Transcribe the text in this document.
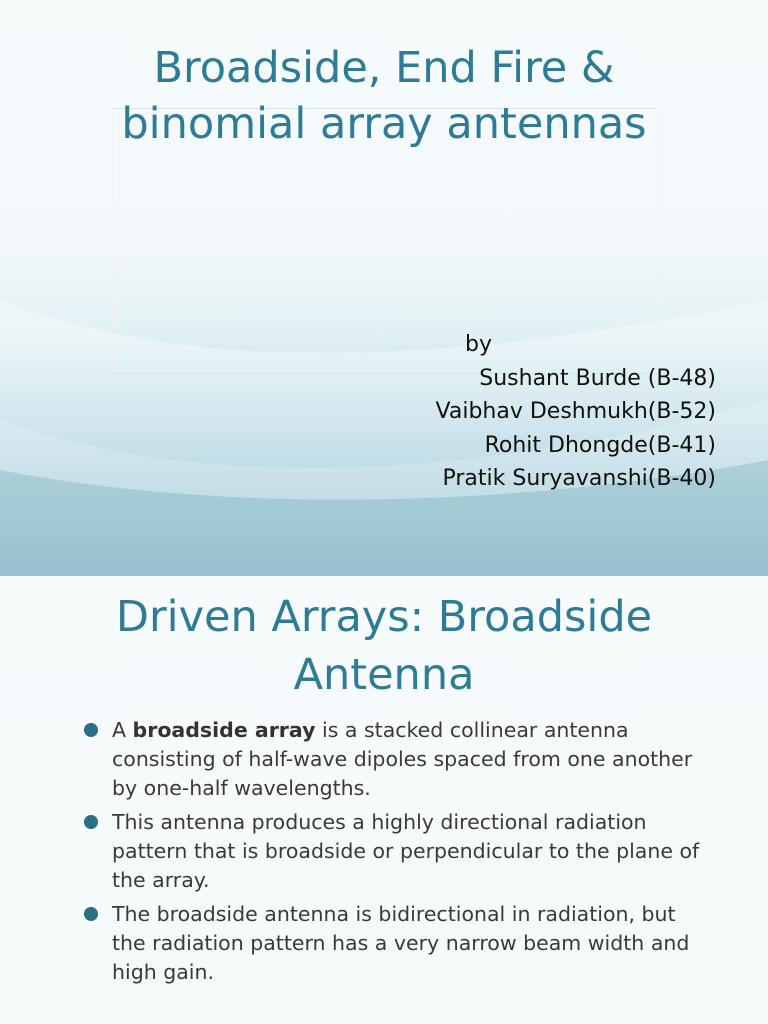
Broadside, End Fire &
binomial array antennas
by
Sushant Burde (B-48)
Vaibhav Deshmukh(B-52)
Rohit Dhongde(B-41)
Pratik Suryavanshi(B-40)
Driven Arrays: Broadside
Antenna
A broadside array is a stacked collinear antenna consisting of half-wave dipoles spaced from one another by one-half wavelengths.
This antenna produces a highly directional radiation pattern that is broadside or perpendicular to the plane of the array.
The broadside antenna is bidirectional in radiation, but the radiation pattern has a very narrow beam width and high gain.
